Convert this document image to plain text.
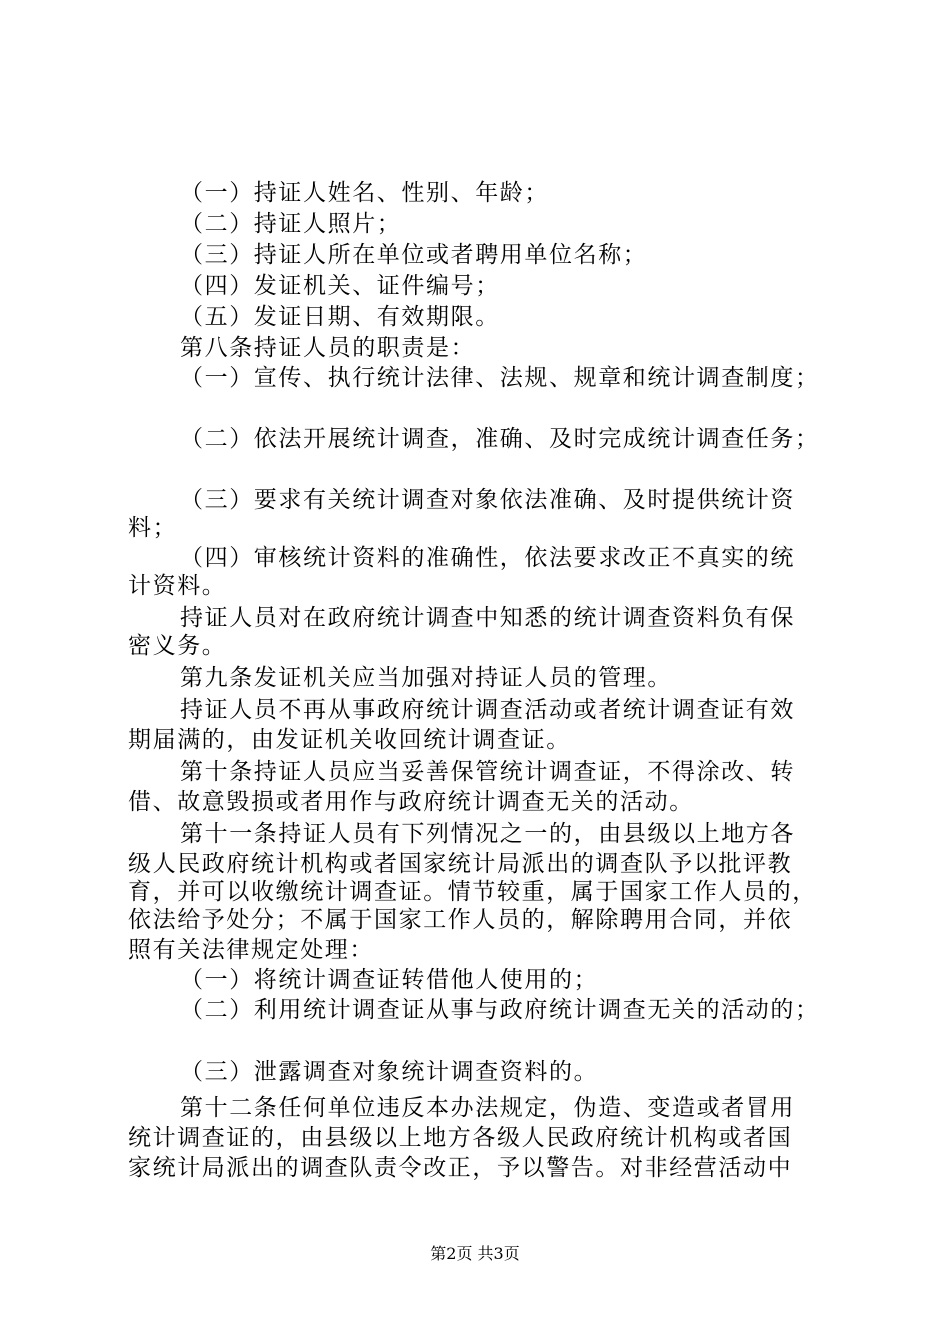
（一）持证人姓名、性别、年龄；
（二）持证人照片；
（三）持证人所在单位或者聘用单位名称；
（四）发证机关、证件编号；
（五）发证日期、有效期限。
第八条持证人员的职责是：
（一）宣传、执行统计法律、法规、规章和统计调查制度；
（二）依法开展统计调查，准确、及时完成统计调查任务；
（三）要求有关统计调查对象依法准确、及时提供统计资
料；
（四）审核统计资料的准确性，依法要求改正不真实的统
计资料。
持证人员对在政府统计调查中知悉的统计调查资料负有保
密义务。
第九条发证机关应当加强对持证人员的管理。
持证人员不再从事政府统计调查活动或者统计调查证有效
期届满的，由发证机关收回统计调查证。
第十条持证人员应当妥善保管统计调查证，不得涂改、转
借、故意毁损或者用作与政府统计调查无关的活动。
第十一条持证人员有下列情况之一的，由县级以上地方各
级人民政府统计机构或者国家统计局派出的调查队予以批评教
育，并可以收缴统计调查证。情节较重，属于国家工作人员的，
依法给予处分；不属于国家工作人员的，解除聘用合同，并依
照有关法律规定处理：
（一）将统计调查证转借他人使用的；
（二）利用统计调查证从事与政府统计调查无关的活动的；
（三）泄露调查对象统计调查资料的。
第十二条任何单位违反本办法规定，伪造、变造或者冒用
统计调查证的，由县级以上地方各级人民政府统计机构或者国
家统计局派出的调查队责令改正，予以警告。对非经营活动中
第2页 共3页
